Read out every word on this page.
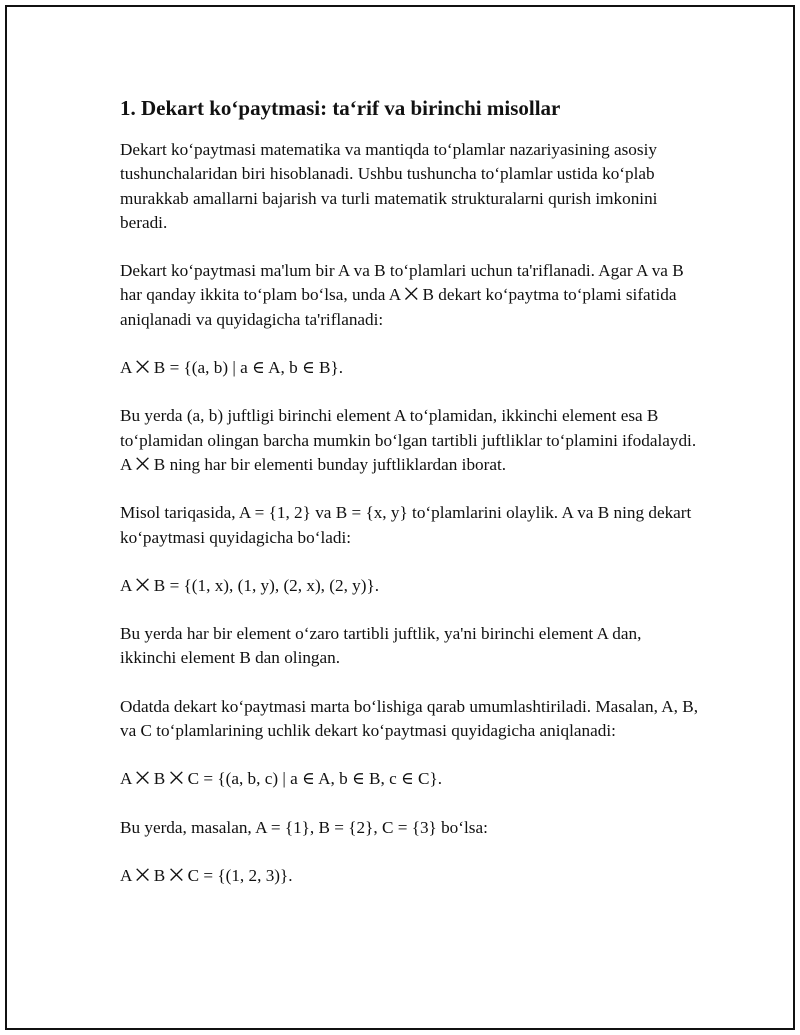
1. Dekart ko‘paytmasi: ta‘rif va birinchi misollar

Dekart ko‘paytmasi matematika va mantiqda to‘plamlar nazariyasining asosiy tushunchalaridan biri hisoblanadi. Ushbu tushuncha to‘plamlar ustida ko‘plab murakkab amallarni bajarish va turli matematik strukturalarni qurish imkonini beradi.

Dekart ko‘paytmasi ma'lum bir A va B to‘plamlari uchun ta'riflanadi. Agar A va B har qanday ikkita to‘plam bo‘lsa, unda A ⨉ B dekart ko‘paytma to‘plami sifatida aniqlanadi va quyidagicha ta'riflanadi:

A ⨉ B = {(a, b) | a ∈ A, b ∈ B}.

Bu yerda (a, b) juftligi birinchi element A to‘plamidan, ikkinchi element esa B to‘plamidan olingan barcha mumkin bo‘lgan tartibli juftliklar to‘plamini ifodalaydi. A ⨉ B ning har bir elementi bunday juftliklardan iborat.

Misol tariqasida, A = {1, 2} va B = {x, y} to‘plamlarini olaylik. A va B ning dekart ko‘paytmasi quyidagicha bo‘ladi:

A ⨉ B = {(1, x), (1, y), (2, x), (2, y)}.

Bu yerda har bir element o‘zaro tartibli juftlik, ya'ni birinchi element A dan, ikkinchi element B dan olingan.

Odatda dekart ko‘paytmasi marta bo‘lishiga qarab umumlashtiriladi. Masalan, A, B, va C to‘plamlarining uchlik dekart ko‘paytmasi quyidagicha aniqlanadi:

A ⨉ B ⨉ C = {(a, b, c) | a ∈ A, b ∈ B, c ∈ C}.

Bu yerda, masalan, A = {1}, B = {2}, C = {3} bo‘lsa:

A ⨉ B ⨉ C = {(1, 2, 3)}.
